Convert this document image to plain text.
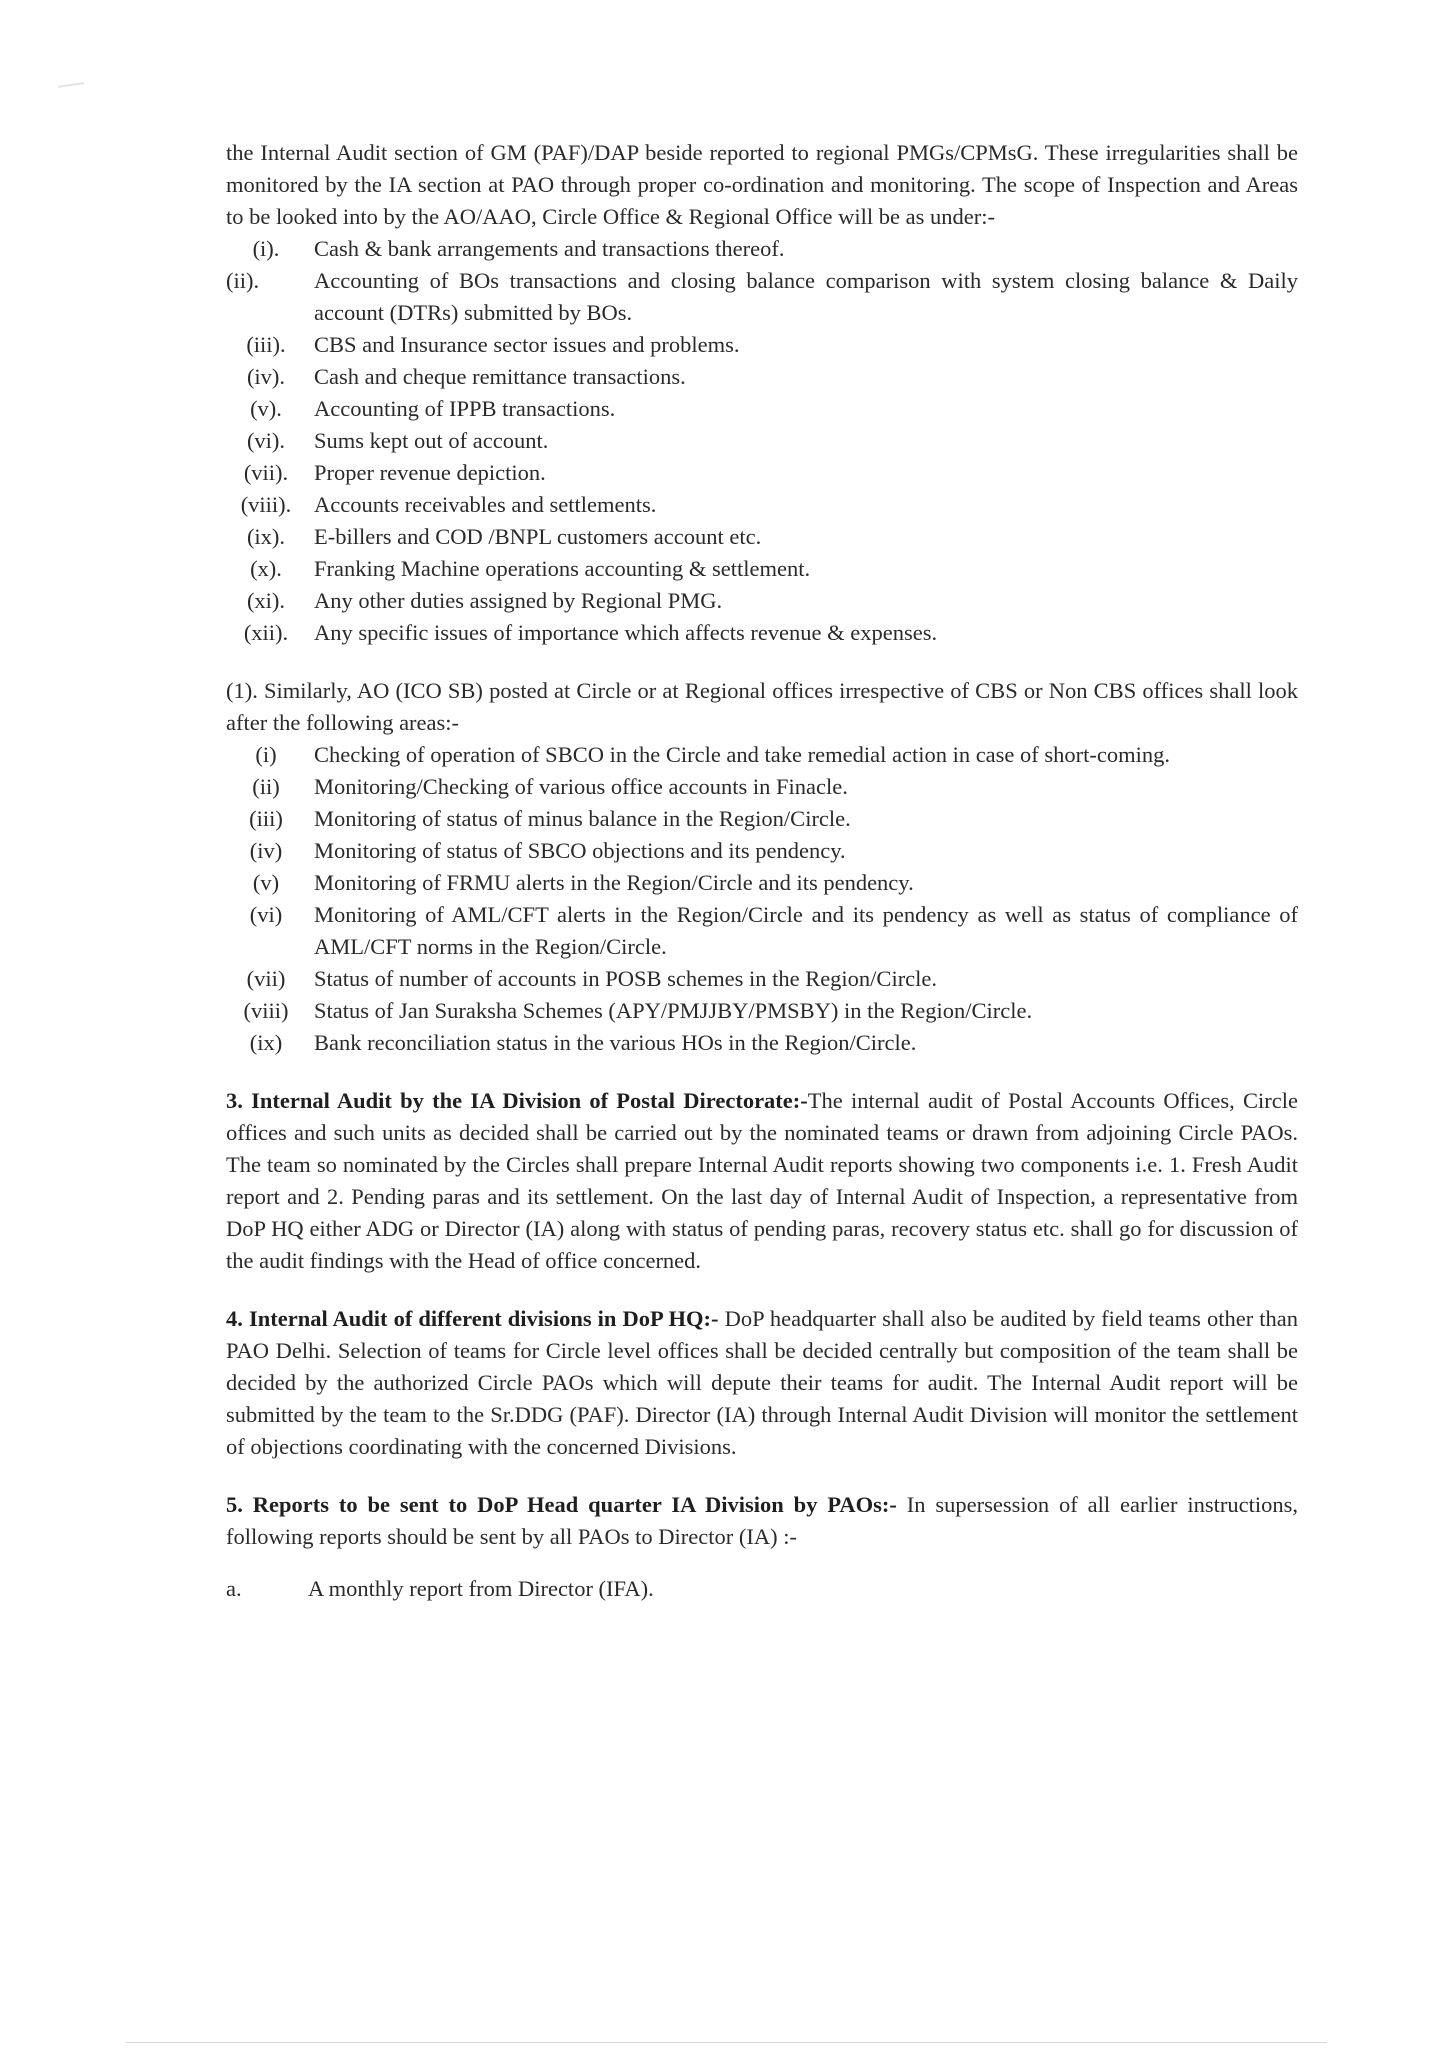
the Internal Audit section of GM (PAF)/DAP beside reported to regional PMGs/CPMsG. These irregularities shall be monitored by the IA section at PAO through proper co-ordination and monitoring. The scope of Inspection and Areas to be looked into by the AO/AAO, Circle Office & Regional Office will be as under:-

(i).	Cash & bank arrangements and transactions thereof.
(ii).	Accounting of BOs transactions and closing balance comparison with system closing balance & Daily account (DTRs) submitted by BOs.
(iii).	CBS and Insurance sector issues and problems.
(iv).	Cash and cheque remittance transactions.
(v).	Accounting of IPPB transactions.
(vi).	Sums kept out of account.
(vii).	Proper revenue depiction.
(viii).	Accounts receivables and settlements.
(ix).	E-billers and COD /BNPL customers account etc.
(x).	Franking Machine operations accounting & settlement.
(xi).	Any other duties assigned by Regional PMG.
(xii).	Any specific issues of importance which affects revenue & expenses.

(1). Similarly, AO (ICO SB) posted at Circle or at Regional offices irrespective of CBS or Non CBS offices shall look after the following areas:-

(i)	Checking of operation of SBCO in the Circle and take remedial action in case of short-coming.
(ii)	Monitoring/Checking of various office accounts in Finacle.
(iii)	Monitoring of status of minus balance in the Region/Circle.
(iv)	Monitoring of status of SBCO objections and its pendency.
(v)	Monitoring of FRMU alerts in the Region/Circle and its pendency.
(vi)	Monitoring of AML/CFT alerts in the Region/Circle and its pendency as well as status of compliance of AML/CFT norms in the Region/Circle.
(vii)	Status of number of accounts in POSB schemes in the Region/Circle.
(viii)	Status of Jan Suraksha Schemes (APY/PMJJBY/PMSBY) in the Region/Circle.
(ix)	Bank reconciliation status in the various HOs in the Region/Circle.

3. Internal Audit by the IA Division of Postal Directorate:-The internal audit of Postal Accounts Offices, Circle offices and such units as decided shall be carried out by the nominated teams or drawn from adjoining Circle PAOs. The team so nominated by the Circles shall prepare Internal Audit reports showing two components i.e. 1. Fresh Audit report and 2. Pending paras and its settlement. On the last day of Internal Audit of Inspection, a representative from DoP HQ either ADG or Director (IA) along with status of pending paras, recovery status etc. shall go for discussion of the audit findings with the Head of office concerned.

4. Internal Audit of different divisions in DoP HQ:- DoP headquarter shall also be audited by field teams other than PAO Delhi. Selection of teams for Circle level offices shall be decided centrally but composition of the team shall be decided by the authorized Circle PAOs which will depute their teams for audit. The Internal Audit report will be submitted by the team to the Sr.DDG (PAF). Director (IA) through Internal Audit Division will monitor the settlement of objections coordinating with the concerned Divisions.

5. Reports to be sent to DoP Head quarter IA Division by PAOs:- In supersession of all earlier instructions, following reports should be sent by all PAOs to Director (IA) :-

a.	A monthly report from Director (IFA).
